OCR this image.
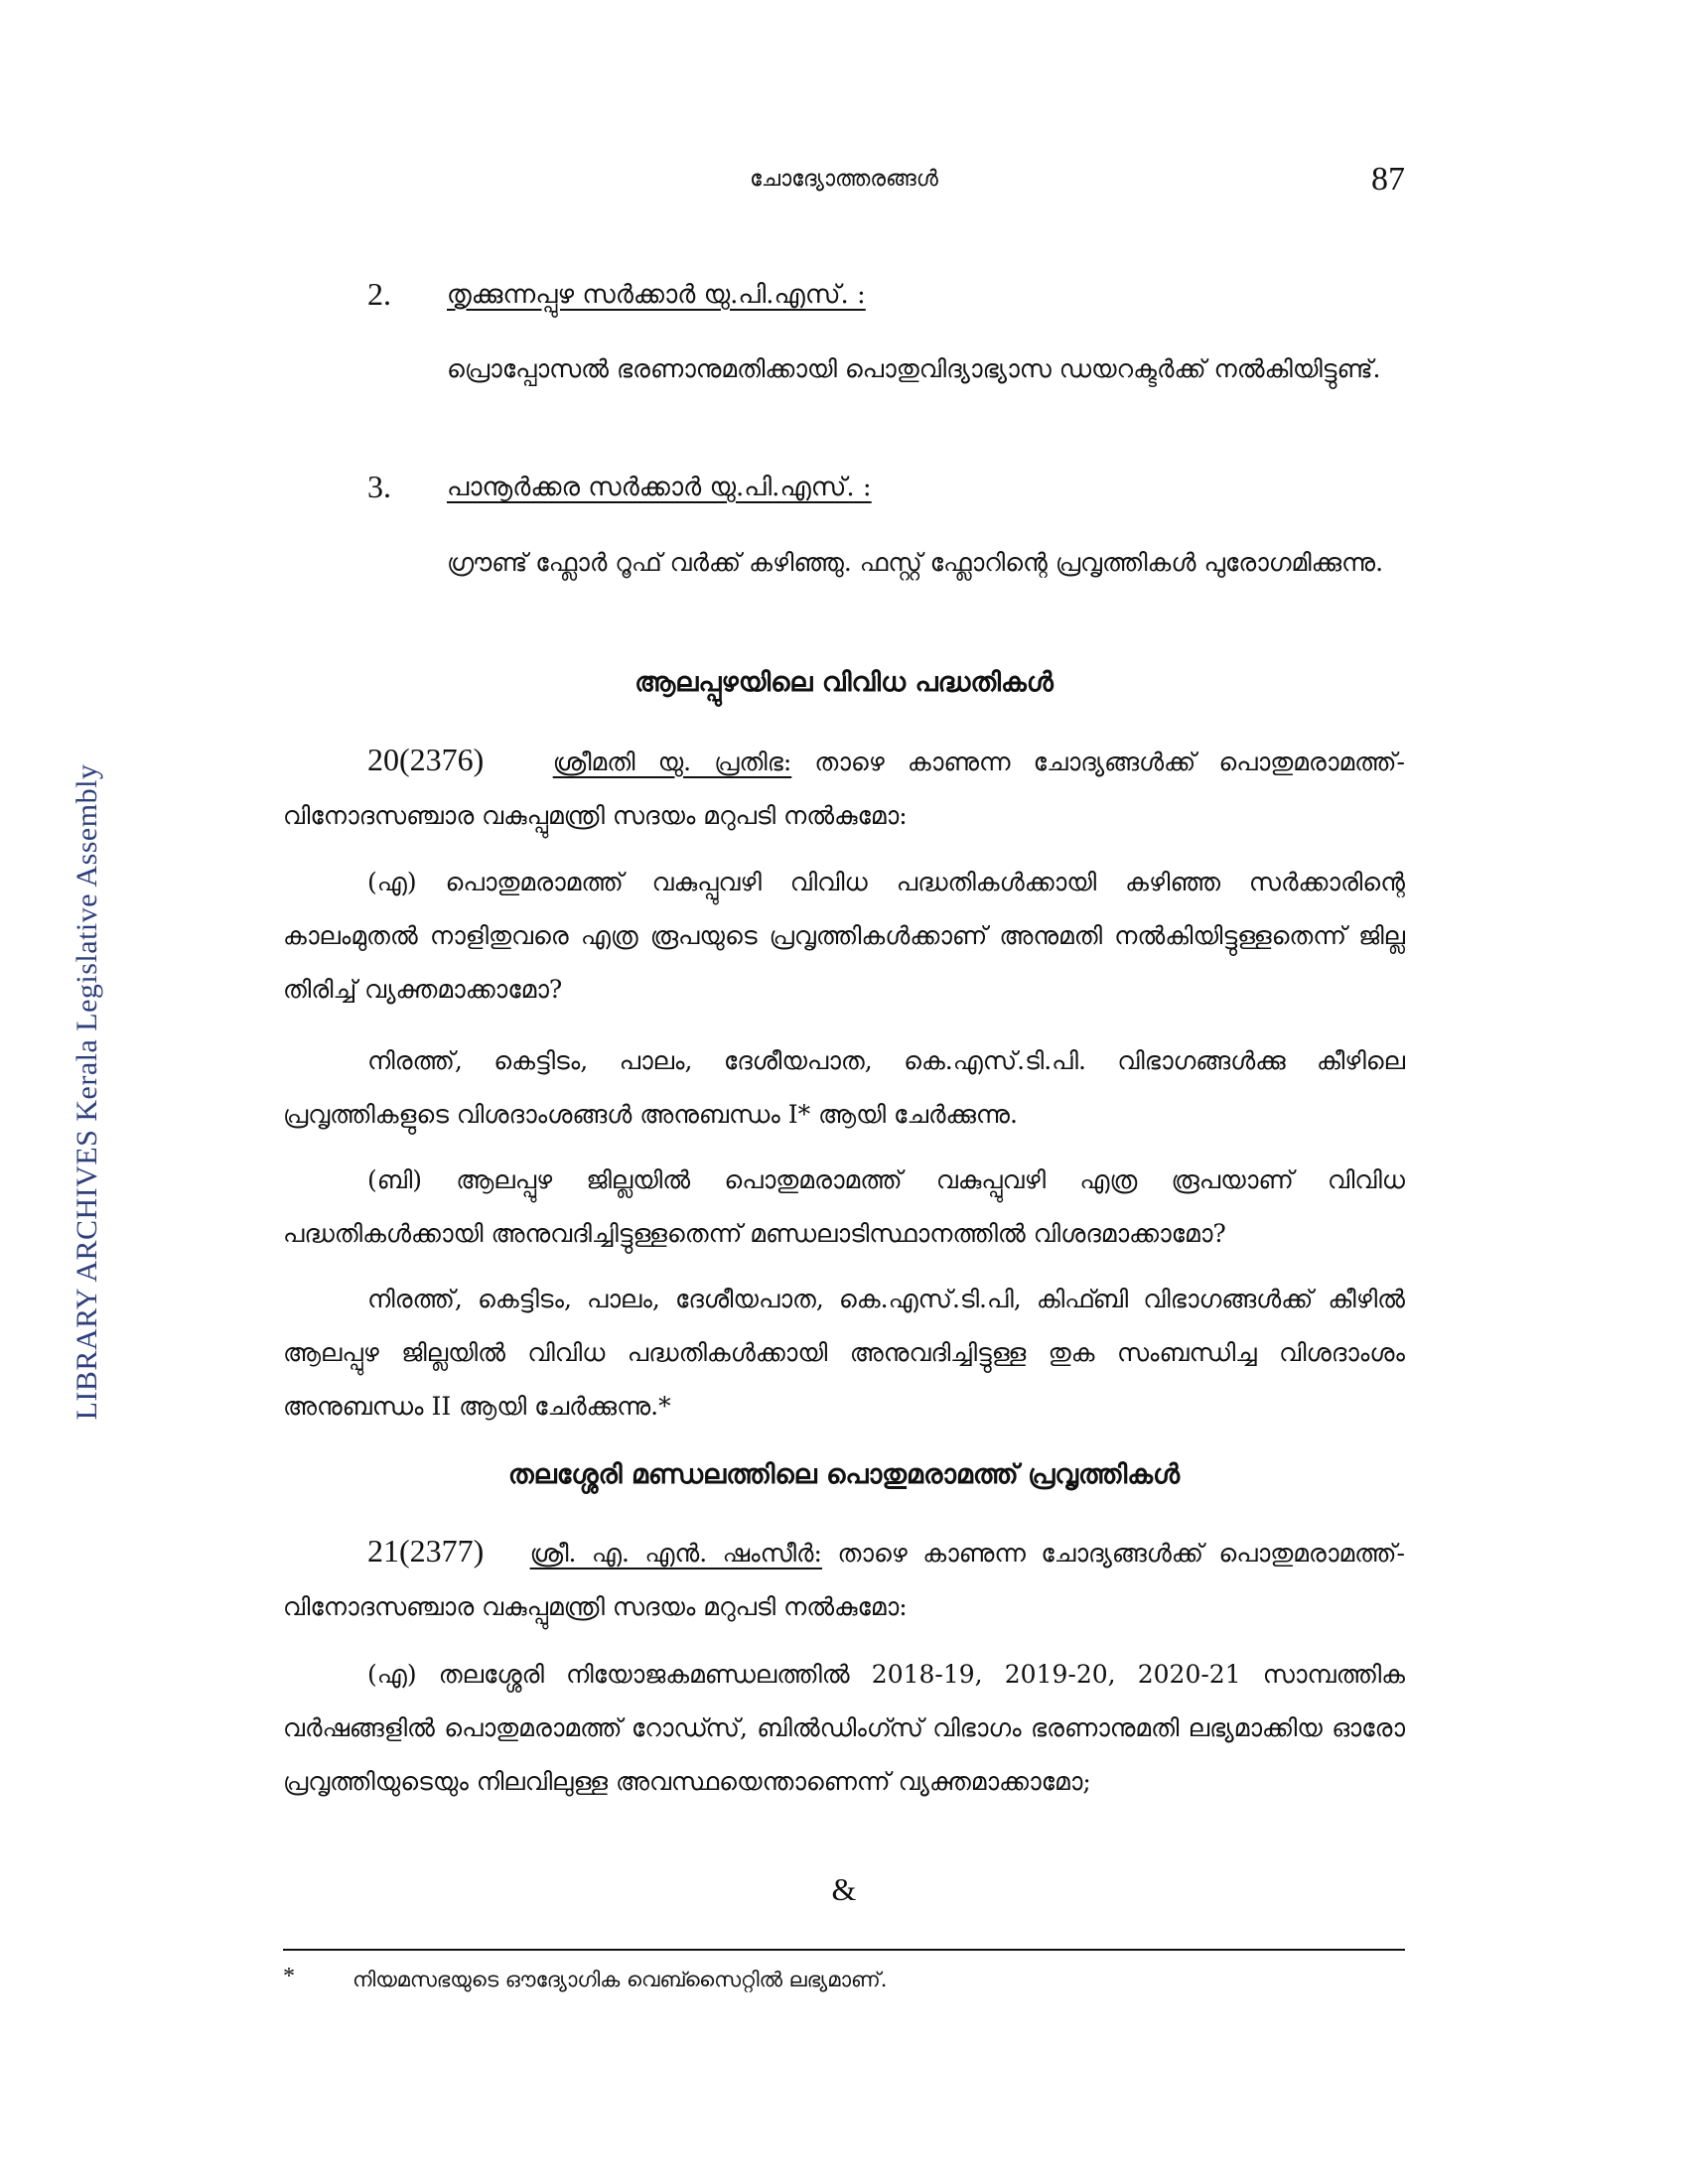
LIBRARY ARCHIVES Kerala Legislative Assembly
ചോദ്യോത്തരങ്ങൾ	87
2. തൃക്കുന്നപ്പുഴ സർക്കാർ യു.പി.എസ്. :
പ്രൊപ്പോസൽ ഭരണാനുമതിക്കായി പൊതുവിദ്യാഭ്യാസ ഡയറക്ടർക്ക് നൽകിയിട്ടുണ്ട്.
3. പാനൂർക്കര സർക്കാർ യു.പി.എസ്. :
ഗ്രൗണ്ട് ഫ്ലോർ റൂഫ് വർക്ക് കഴിഞ്ഞു. ഫസ്റ്റ് ഫ്ലോറിന്റെ പ്രവൃത്തികൾ പുരോഗമിക്കുന്നു.
ആലപ്പുഴയിലെ വിവിധ പദ്ധതികൾ
20(2376)	ശ്രീമതി യു. പ്രതിഭ: താഴെ കാണുന്ന ചോദ്യങ്ങൾക്ക് പൊതുമരാമത്ത്-വിനോദസഞ്ചാര വകുപ്പുമന്ത്രി സദയം മറുപടി നൽകുമോ:
(എ) പൊതുമരാമത്ത് വകുപ്പുവഴി വിവിധ പദ്ധതികൾക്കായി കഴിഞ്ഞ സർക്കാരിന്റെ കാലംമുതൽ നാളിതുവരെ എത്ര രൂപയുടെ പ്രവൃത്തികൾക്കാണ് അനുമതി നൽകിയിട്ടുള്ളതെന്ന് ജില്ല തിരിച്ച് വ്യക്തമാക്കാമോ?
നിരത്ത്, കെട്ടിടം, പാലം, ദേശീയപാത, കെ.എസ്.ടി.പി. വിഭാഗങ്ങൾക്കു കീഴിലെ പ്രവൃത്തികളുടെ വിശദാംശങ്ങൾ അനുബന്ധം I* ആയി ചേർക്കുന്നു.
(ബി) ആലപ്പുഴ ജില്ലയിൽ പൊതുമരാമത്ത് വകുപ്പുവഴി എത്ര രൂപയാണ് വിവിധ പദ്ധതികൾക്കായി അനുവദിച്ചിട്ടുള്ളതെന്ന് മണ്ഡലാടിസ്ഥാനത്തിൽ വിശദമാക്കാമോ?
നിരത്ത്, കെട്ടിടം, പാലം, ദേശീയപാത, കെ.എസ്.ടി.പി, കിഫ്ബി വിഭാഗങ്ങൾക്ക് കീഴിൽ ആലപ്പുഴ ജില്ലയിൽ വിവിധ പദ്ധതികൾക്കായി അനുവദിച്ചിട്ടുള്ള തുക സംബന്ധിച്ച വിശദാംശം അനുബന്ധം II ആയി ചേർക്കുന്നു.*
തലശ്ശേരി മണ്ഡലത്തിലെ പൊതുമരാമത്ത് പ്രവൃത്തികൾ
21(2377) ശ്രീ. എ. എൻ. ഷംസീർ: താഴെ കാണുന്ന ചോദ്യങ്ങൾക്ക് പൊതുമരാമത്ത്-വിനോദസഞ്ചാര വകുപ്പുമന്ത്രി സദയം മറുപടി നൽകുമോ:
(എ) തലശ്ശേരി നിയോജകമണ്ഡലത്തിൽ 2018-19, 2019-20, 2020-21 സാമ്പത്തിക വർഷങ്ങളിൽ പൊതുമരാമത്ത് റോഡ്സ്, ബിൽഡിംഗ്സ് വിഭാഗം ഭരണാനുമതി ലഭ്യമാക്കിയ ഓരോ പ്രവൃത്തിയുടെയും നിലവിലുള്ള അവസ്ഥയെന്താണെന്ന് വ്യക്തമാക്കാമോ;
&
*	നിയമസഭയുടെ ഔദ്യോഗിക വെബ്സൈറ്റിൽ ലഭ്യമാണ്.
